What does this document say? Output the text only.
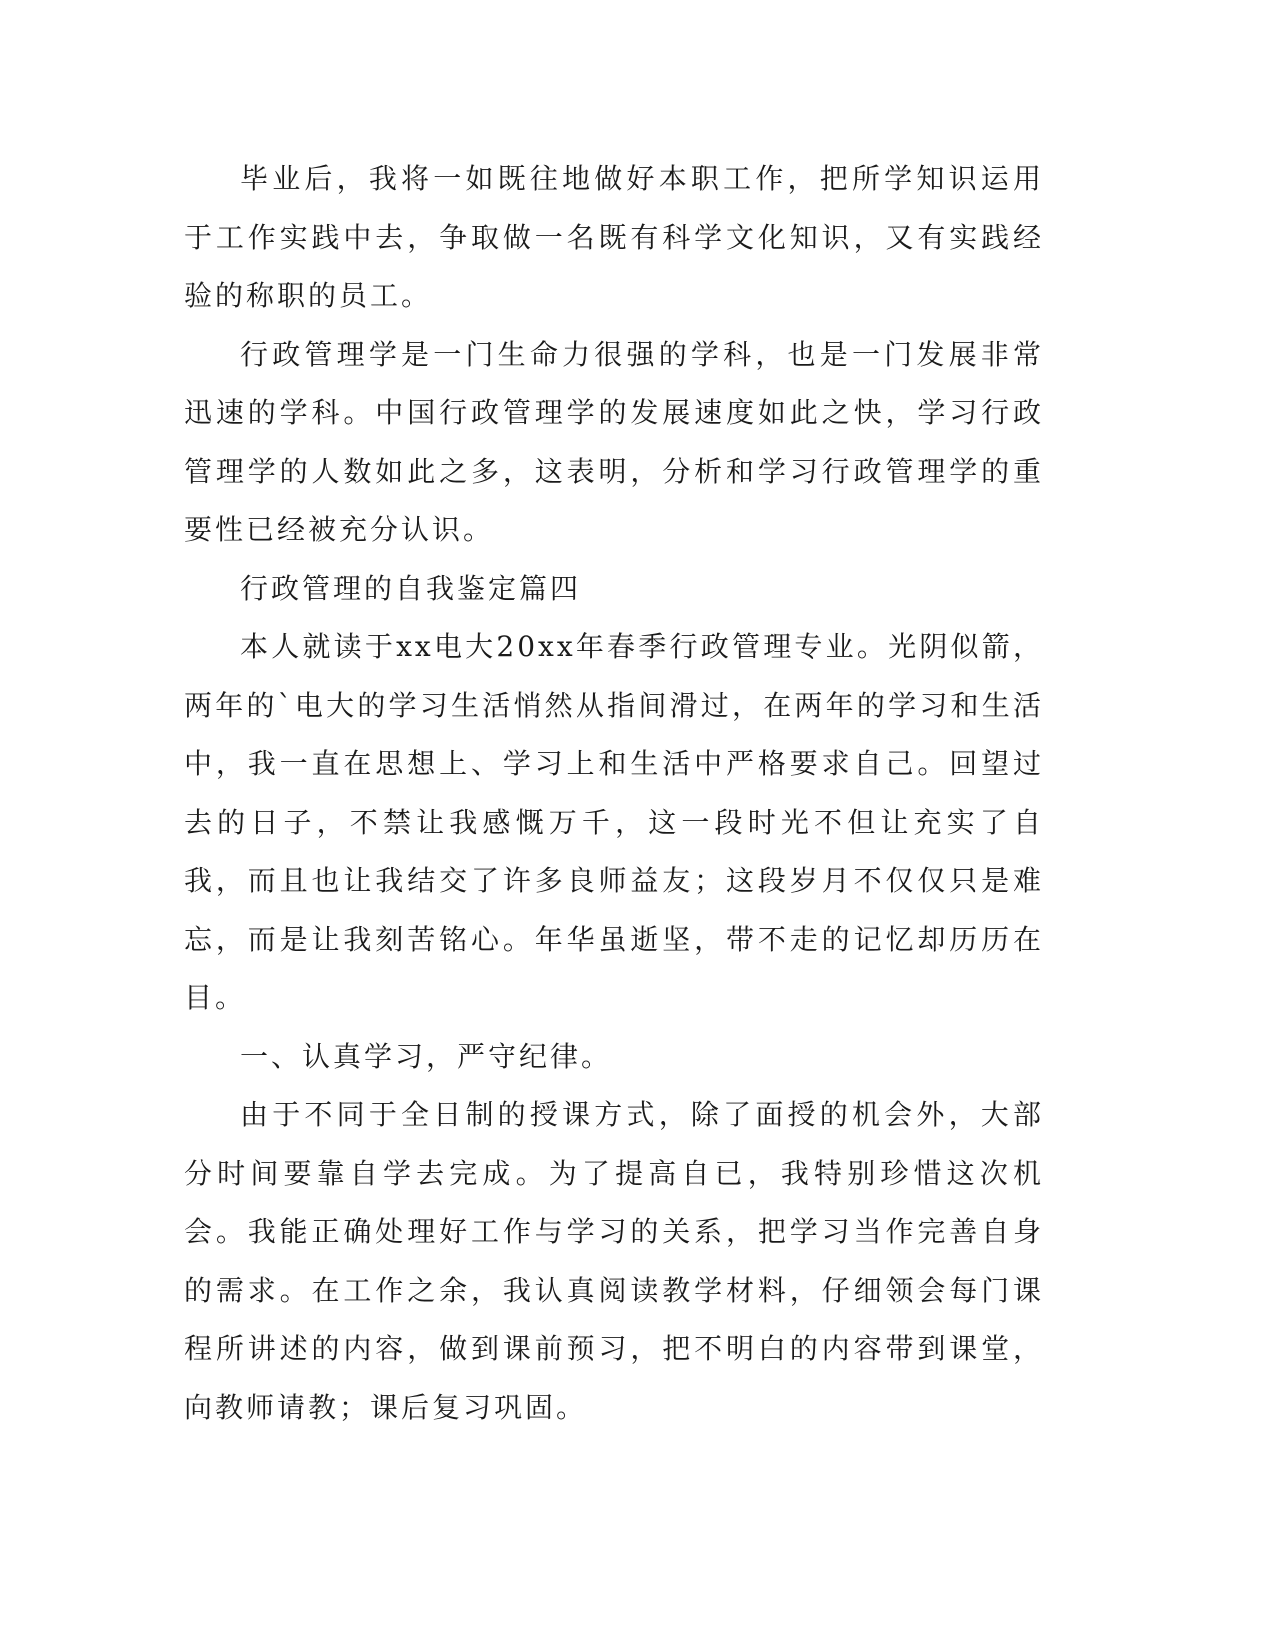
毕业后，我将一如既往地做好本职工作，把所学知识运用于工作实践中去，争取做一名既有科学文化知识，又有实践经验的称职的员工。

行政管理学是一门生命力很强的学科，也是一门发展非常迅速的学科。中国行政管理学的发展速度如此之快，学习行政管理学的人数如此之多，这表明，分析和学习行政管理学的重要性已经被充分认识。

行政管理的自我鉴定篇四

本人就读于xx电大20xx年春季行政管理专业。光阴似箭，两年的`电大的学习生活悄然从指间滑过，在两年的学习和生活中，我一直在思想上、学习上和生活中严格要求自己。回望过去的日子，不禁让我感慨万千，这一段时光不但让充实了自我，而且也让我结交了许多良师益友；这段岁月不仅仅只是难忘，而是让我刻苦铭心。年华虽逝坚，带不走的记忆却历历在目。

一、认真学习，严守纪律。

由于不同于全日制的授课方式，除了面授的机会外，大部分时间要靠自学去完成。为了提高自已，我特别珍惜这次机会。我能正确处理好工作与学习的关系，把学习当作完善自身的需求。在工作之余，我认真阅读教学材料，仔细领会每门课程所讲述的内容，做到课前预习，把不明白的内容带到课堂，向教师请教；课后复习巩固。
